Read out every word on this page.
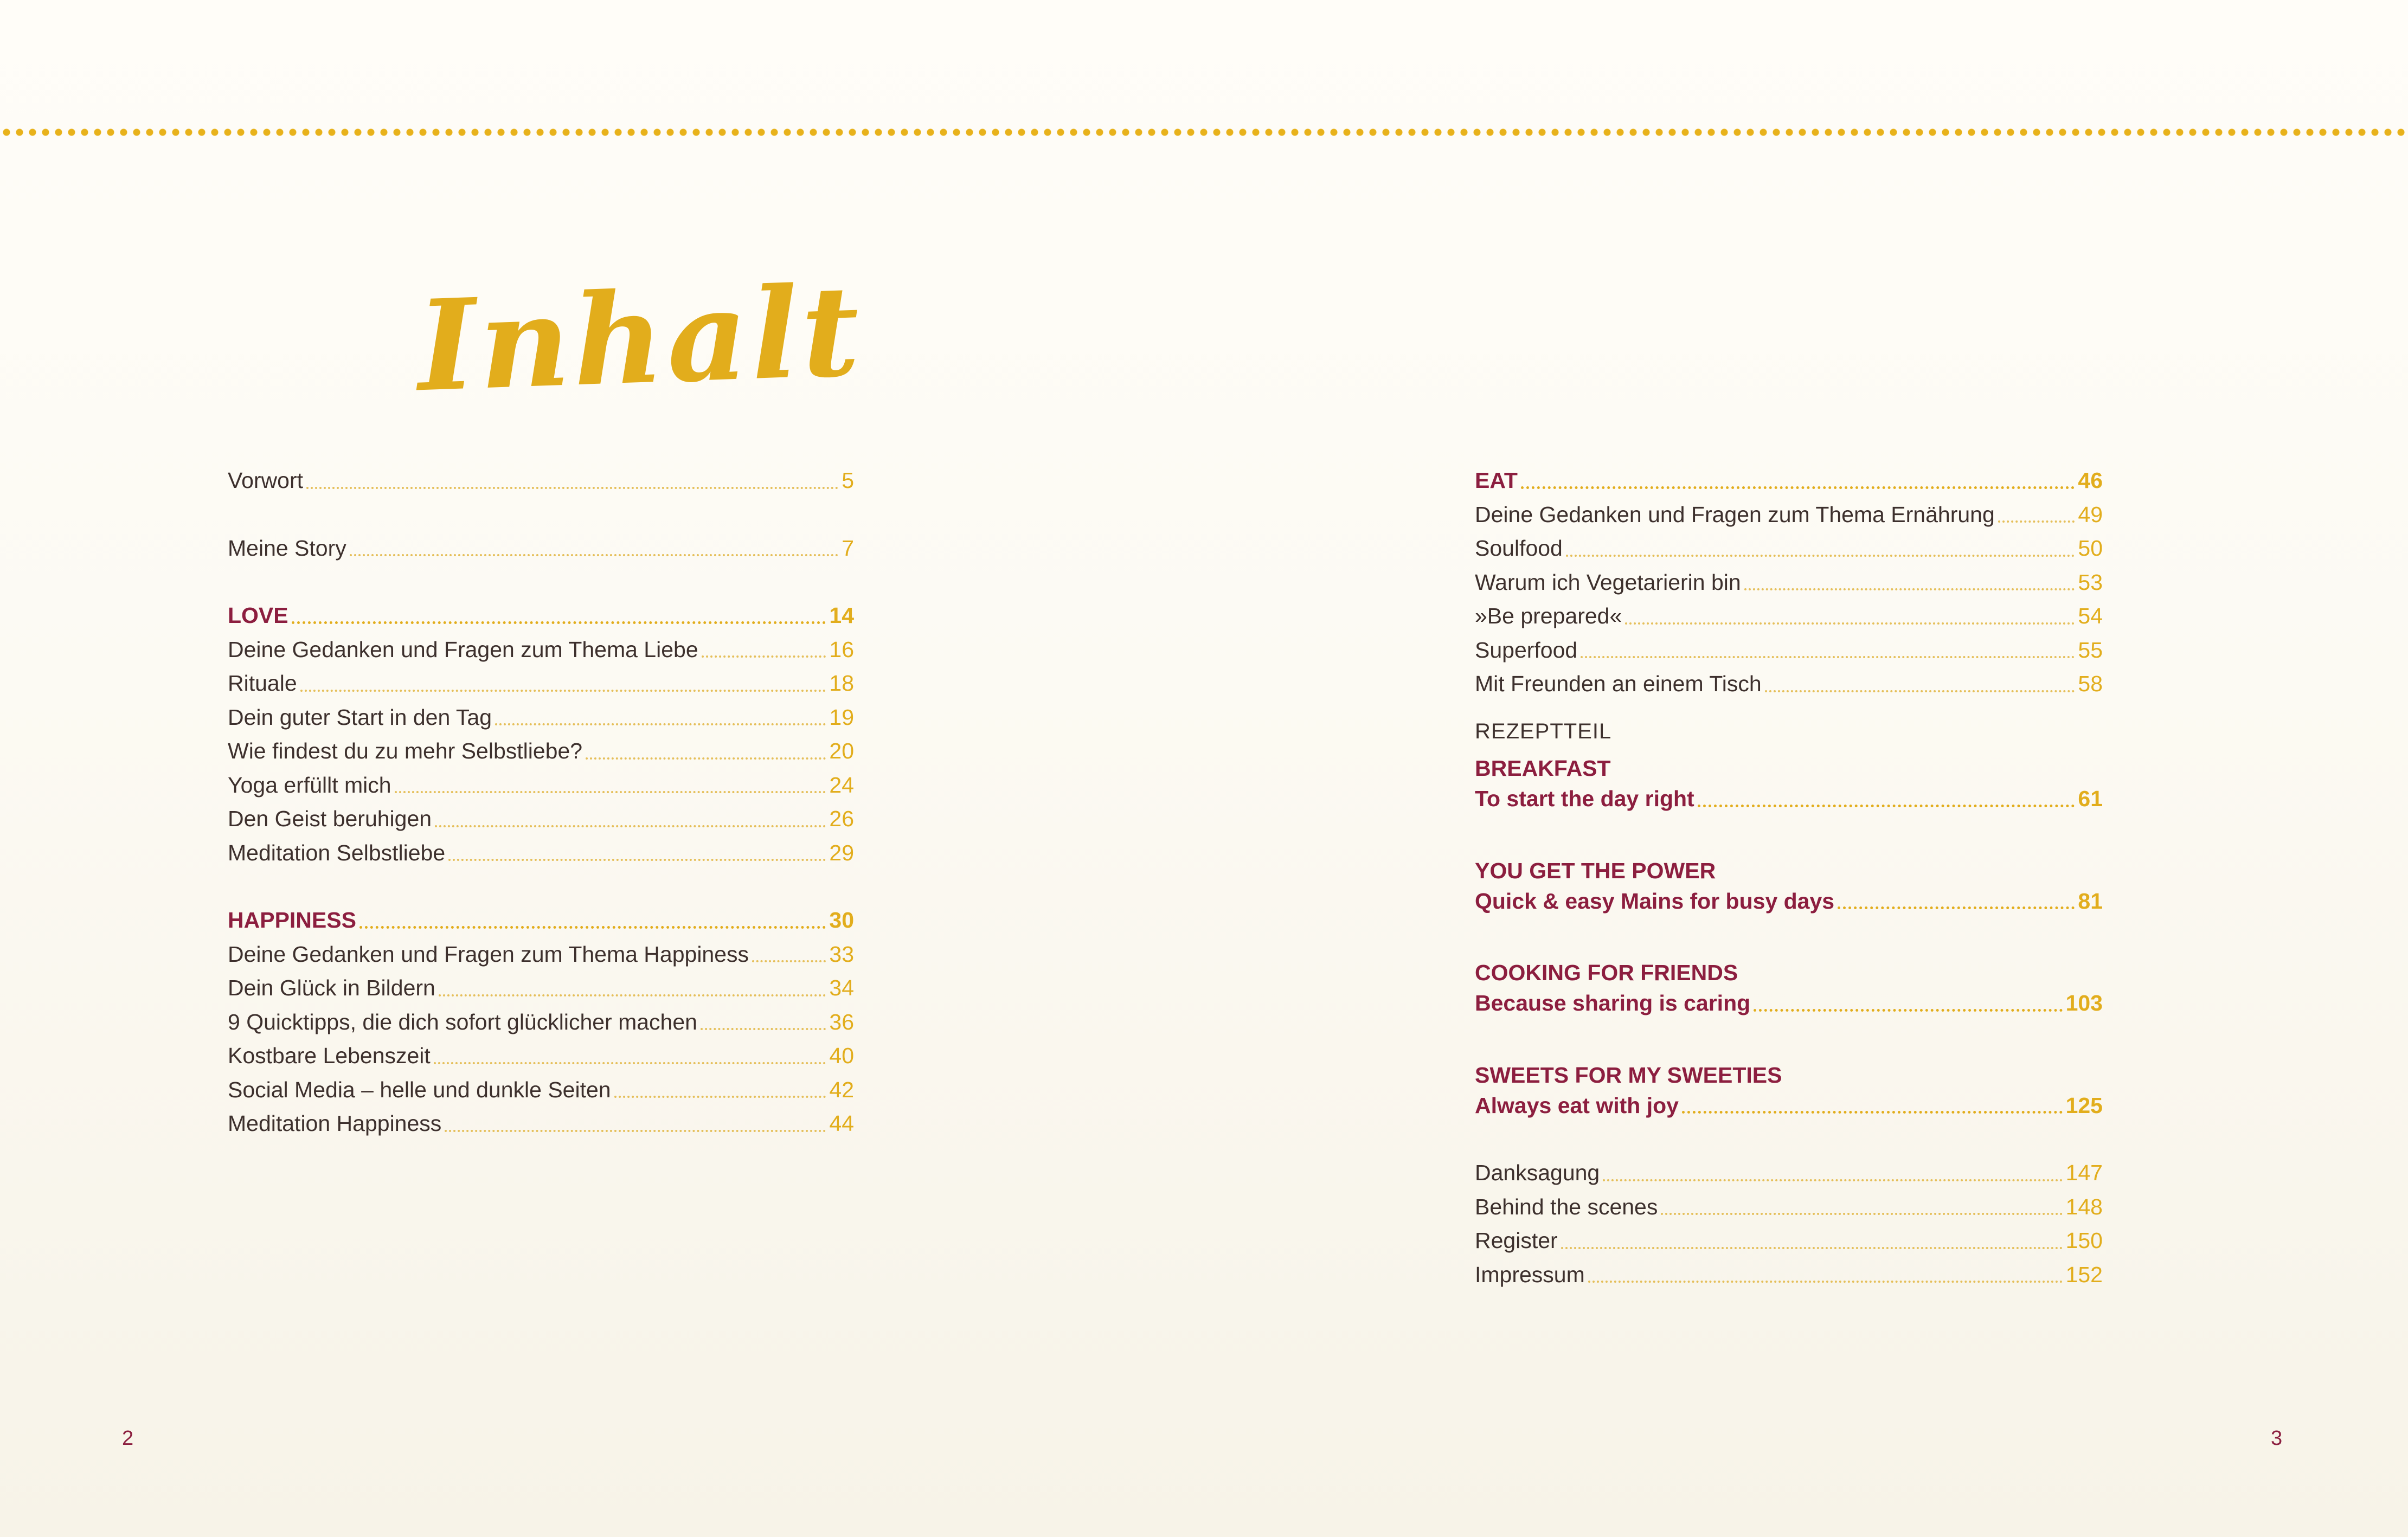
Inhalt
Vorwort	5
Meine Story	7
LOVE	14
Deine Gedanken und Fragen zum Thema Liebe	16
Rituale	18
Dein guter Start in den Tag	19
Wie findest du zu mehr Selbstliebe?	20
Yoga erfüllt mich	24
Den Geist beruhigen	26
Meditation Selbstliebe	29
HAPPINESS	30
Deine Gedanken und Fragen zum Thema Happiness	33
Dein Glück in Bildern	34
9 Quicktipps, die dich sofort glücklicher machen	36
Kostbare Lebenszeit	40
Social Media – helle und dunkle Seiten	42
Meditation Happiness	44
EAT	46
Deine Gedanken und Fragen zum Thema Ernährung	49
Soulfood	50
Warum ich Vegetarierin bin	53
»Be prepared«	54
Superfood	55
Mit Freunden an einem Tisch	58
REZEPTTEIL
BREAKFAST
To start the day right	61
YOU GET THE POWER
Quick & easy Mains for busy days	81
COOKING FOR FRIENDS
Because sharing is caring	103
SWEETS FOR MY SWEETIES
Always eat with joy	125
Danksagung	147
Behind the scenes	148
Register	150
Impressum	152
2	3
